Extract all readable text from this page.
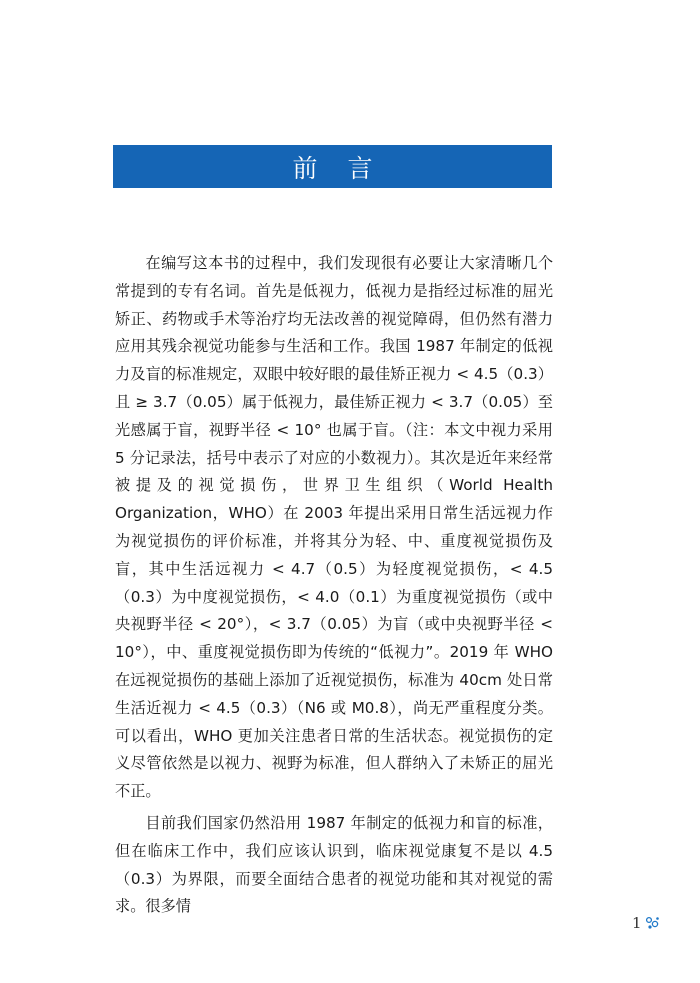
前言

在编写这本书的过程中，我们发现很有必要让大家清晰几个常提到的专有名词。首先是低视力，低视力是指经过标准的屈光矫正、药物或手术等治疗均无法改善的视觉障碍，但仍然有潜力应用其残余视觉功能参与生活和工作。我国 1987 年制定的低视力及盲的标准规定，双眼中较好眼的最佳矫正视力 < 4.5（0.3）且 ≥ 3.7（0.05）属于低视力，最佳矫正视力 < 3.7（0.05）至光感属于盲，视野半径 < 10° 也属于盲。（注：本文中视力采用 5 分记录法，括号中表示了对应的小数视力）。其次是近年来经常被提及的视觉损伤，世界卫生组织（World Health Organization，WHO）在 2003 年提出采用日常生活远视力作为视觉损伤的评价标准，并将其分为轻、中、重度视觉损伤及盲，其中生活远视力 < 4.7（0.5）为轻度视觉损伤，< 4.5（0.3）为中度视觉损伤，< 4.0（0.1）为重度视觉损伤（或中央视野半径 < 20°），< 3.7（0.05）为盲（或中央视野半径 < 10°），中、重度视觉损伤即为传统的“低视力”。2019 年 WHO 在远视觉损伤的基础上添加了近视觉损伤，标准为 40cm 处日常生活近视力 < 4.5（0.3）（N6 或 M0.8），尚无严重程度分类。可以看出，WHO 更加关注患者日常的生活状态。视觉损伤的定义尽管依然是以视力、视野为标准，但人群纳入了未矫正的屈光不正。

目前我们国家仍然沿用 1987 年制定的低视力和盲的标准，但在临床工作中，我们应该认识到，临床视觉康复不是以 4.5（0.3）为界限，而要全面结合患者的视觉功能和其对视觉的需求。很多情

1
